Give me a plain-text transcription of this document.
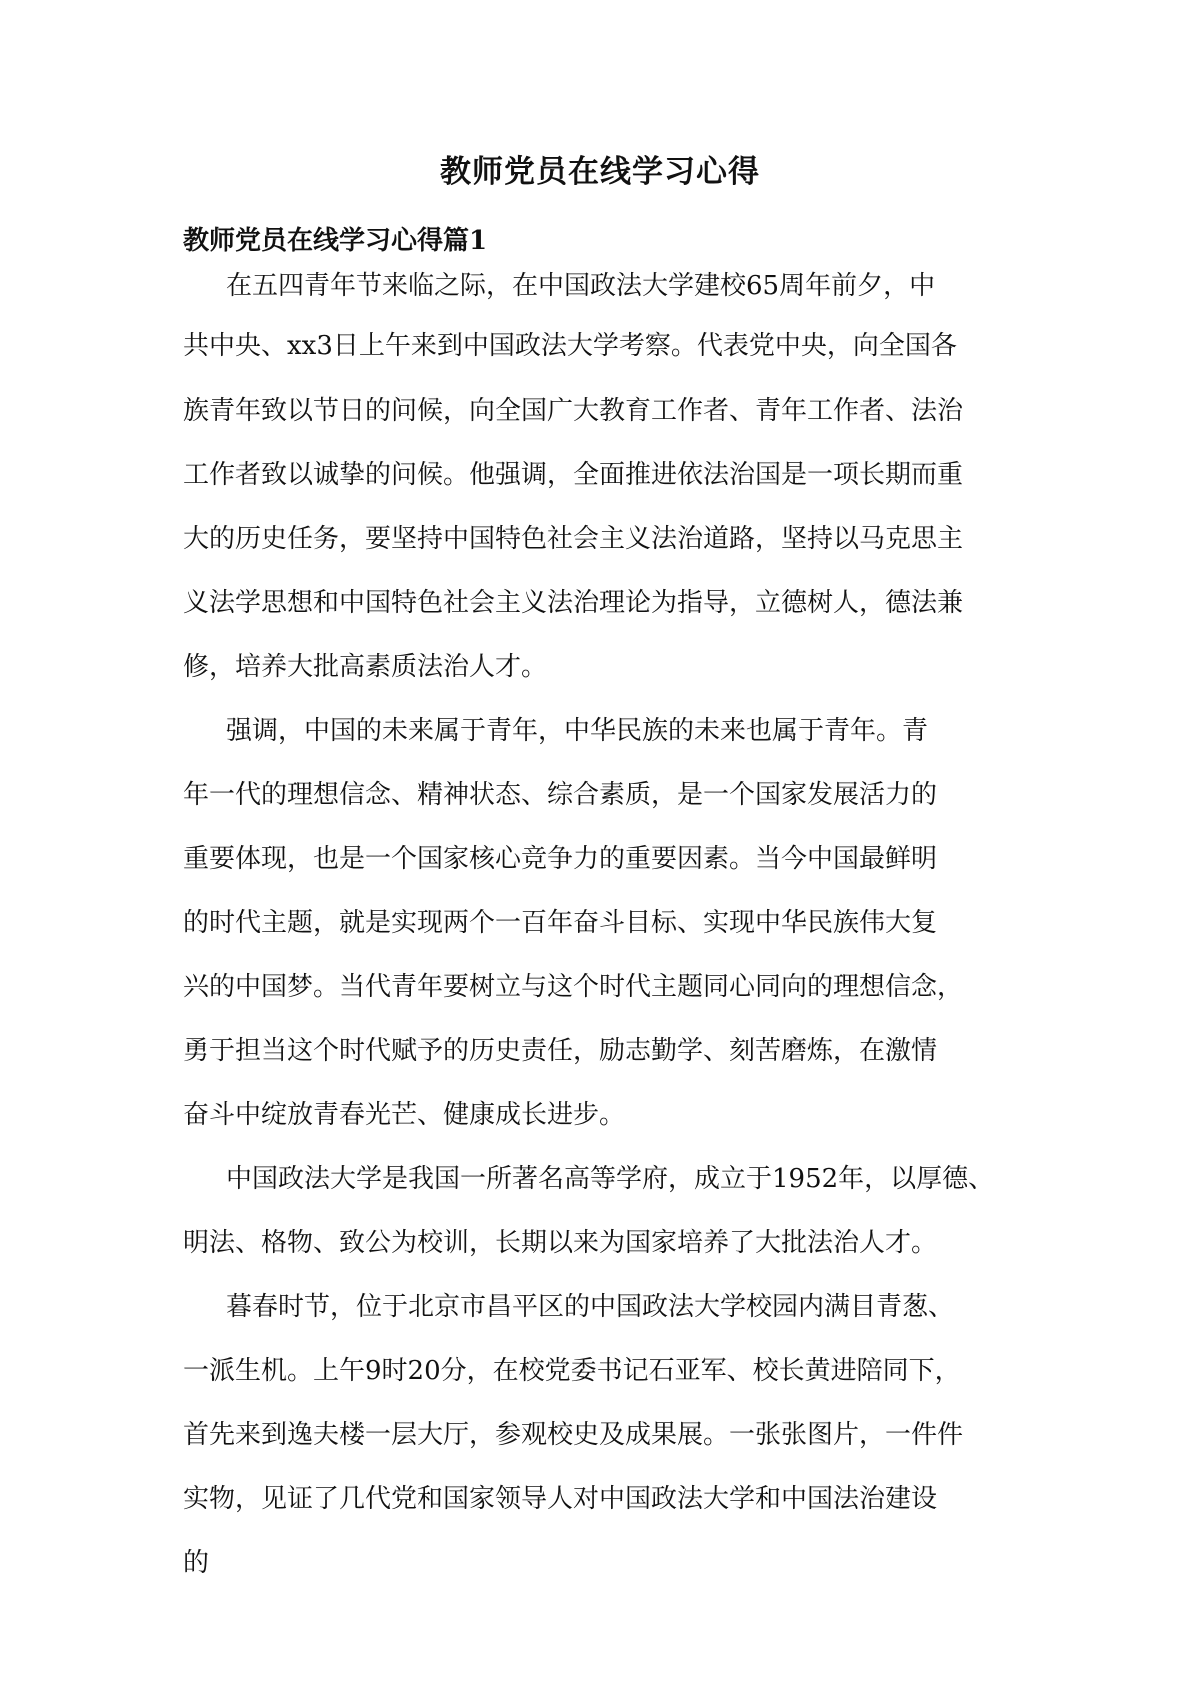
教师党员在线学习心得
教师党员在线学习心得篇1

在五四青年节来临之际，在中国政法大学建校65周年前夕，中

共中央、xx3日上午来到中国政法大学考察。代表党中央，向全国各

族青年致以节日的问候，向全国广大教育工作者、青年工作者、法治

工作者致以诚挚的问候。他强调，全面推进依法治国是一项长期而重

大的历史任务，要坚持中国特色社会主义法治道路，坚持以马克思主

义法学思想和中国特色社会主义法治理论为指导，立德树人，德法兼

修，培养大批高素质法治人才。

强调，中国的未来属于青年，中华民族的未来也属于青年。青

年一代的理想信念、精神状态、综合素质，是一个国家发展活力的

重要体现，也是一个国家核心竞争力的重要因素。当今中国最鲜明

的时代主题，就是实现两个一百年奋斗目标、实现中华民族伟大复

兴的中国梦。当代青年要树立与这个时代主题同心同向的理想信念，

勇于担当这个时代赋予的历史责任，励志勤学、刻苦磨炼，在激情

奋斗中绽放青春光芒、健康成长进步。

中国政法大学是我国一所著名高等学府，成立于1952年，以厚德、

明法、格物、致公为校训，长期以来为国家培养了大批法治人才。

暮春时节，位于北京市昌平区的中国政法大学校园内满目青葱、

一派生机。上午9时20分，在校党委书记石亚军、校长黄进陪同下，

首先来到逸夫楼一层大厅，参观校史及成果展。一张张图片，一件件

实物，见证了几代党和国家领导人对中国政法大学和中国法治建设

的
